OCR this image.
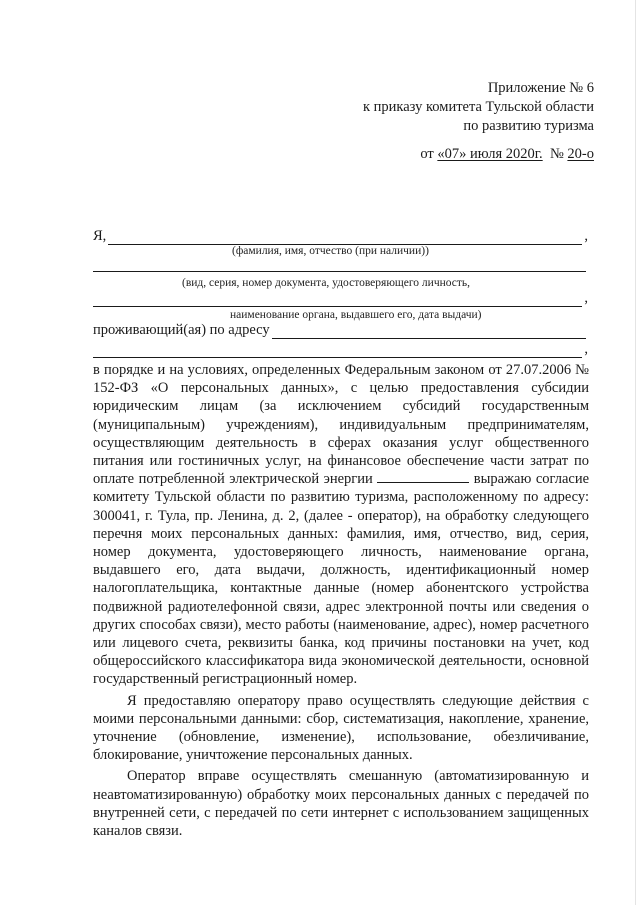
Приложение № 6
к приказу комитета Тульской области
по развитию туризма
от «07» июля 2020г. № 20-о
Я,	,
(фамилия, имя, отчество (при наличии))
(вид, серия, номер документа, удостоверяющего личность,
,
наименование органа, выдавшего его, дата выдачи)
проживающий(ая) по адресу
,

в порядке и на условиях, определенных Федеральным законом от 27.07.2006 № 152-ФЗ «О персональных данных», с целью предоставления субсидии юридическим лицам (за исключением субсидий государственным (муниципальным) учреждениям), индивидуальным предпринимателям, осуществляющим деятельность в сферах оказания услуг общественного питания или гостиничных услуг, на финансовое обеспечение части затрат по оплате потребленной электрической энергии	выражаю согласие комитету Тульской области по развитию туризма, расположенному по адресу: 300041, г. Тула, пр. Ленина, д. 2, (далее - оператор), на обработку следующего перечня моих персональных данных: фамилия, имя, отчество, вид, серия, номер документа, удостоверяющего личность, наименование органа, выдавшего его, дата выдачи, должность, идентификационный номер налогоплательщика, контактные данные (номер абонентского устройства подвижной радиотелефонной связи, адрес электронной почты или сведения о других способах связи), место работы (наименование, адрес), номер расчетного или лицевого счета, реквизиты банка, код причины постановки на учет, код общероссийского классификатора вида экономической деятельности, основной государственный регистрационный номер.

Я предоставляю оператору право осуществлять следующие действия с моими персональными данными: сбор, систематизация, накопление, хранение, уточнение (обновление, изменение), использование, обезличивание, блокирование, уничтожение персональных данных.

Оператор вправе осуществлять смешанную (автоматизированную и неавтоматизированную) обработку моих персональных данных с передачей по внутренней сети, с передачей по сети интернет с использованием защищенных каналов связи.
